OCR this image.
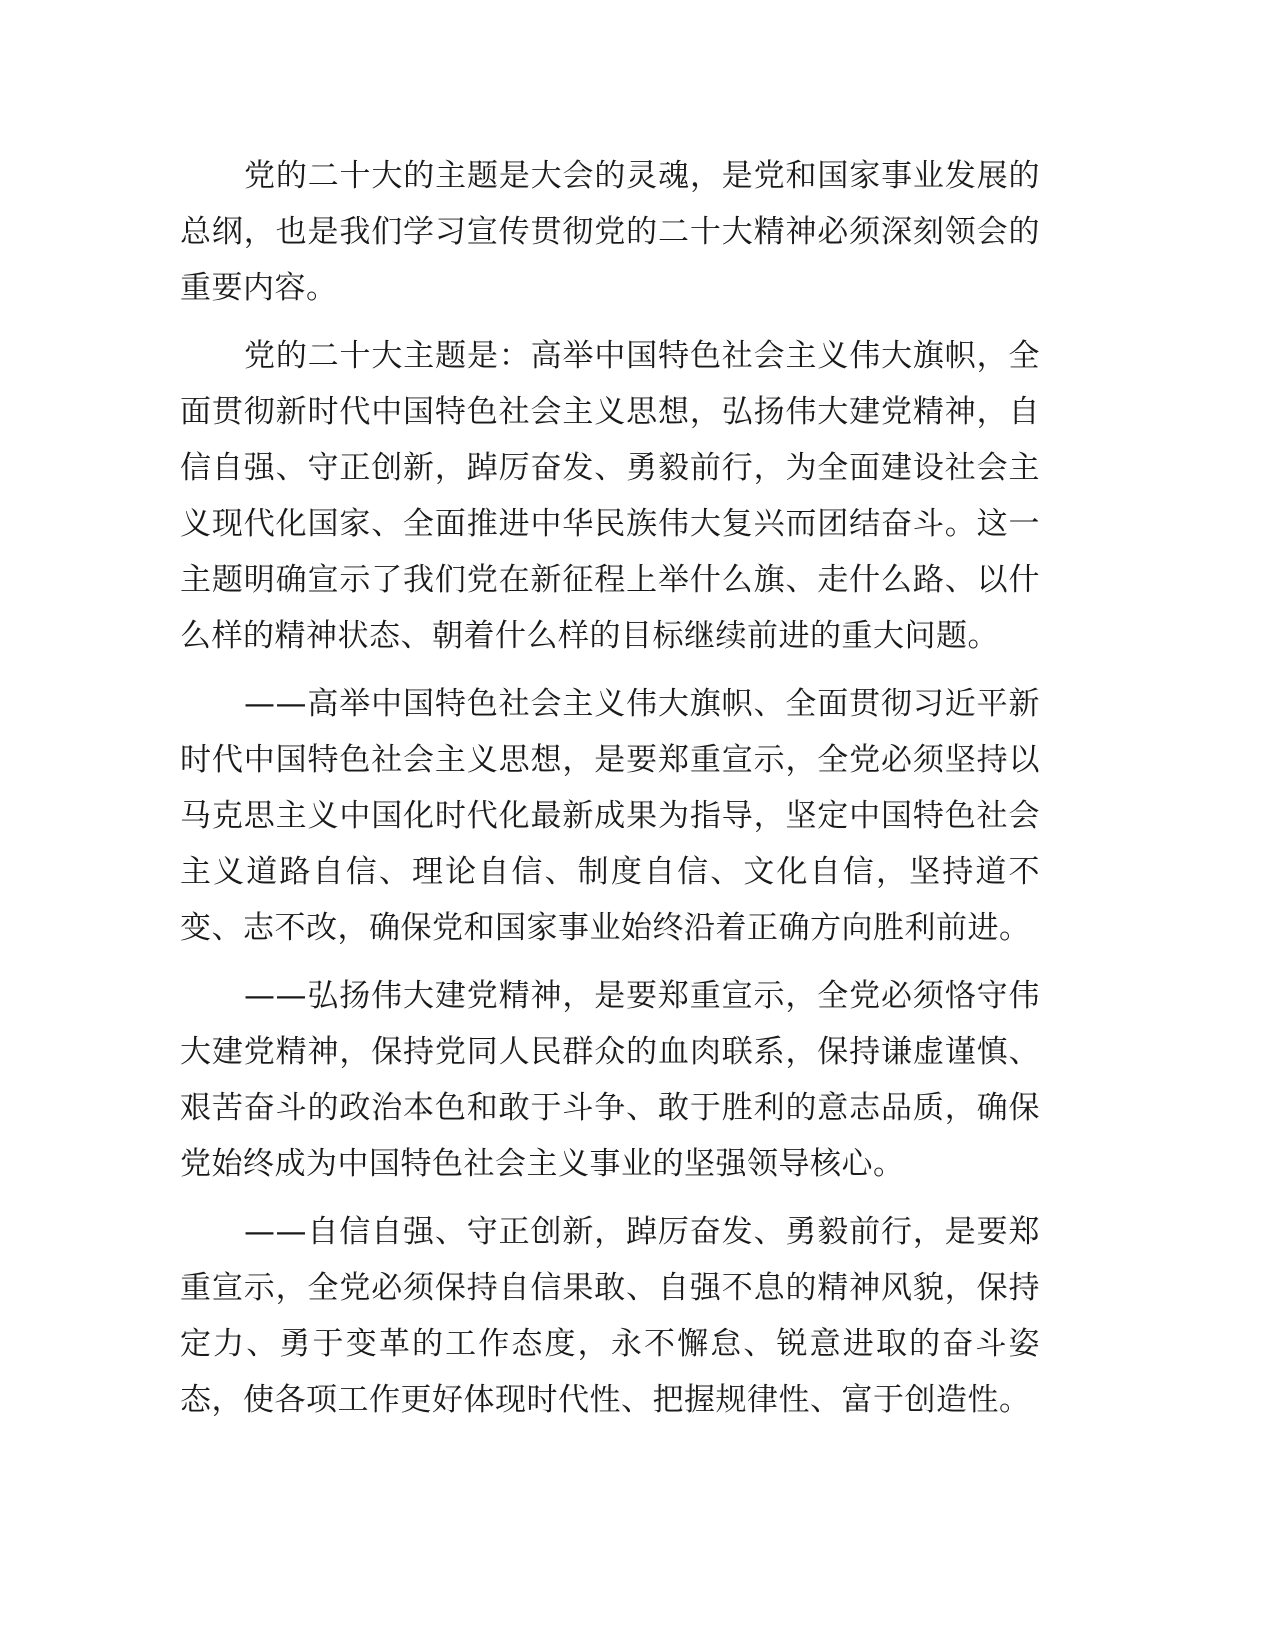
党的二十大的主题是大会的灵魂，是党和国家事业发展的总纲，也是我们学习宣传贯彻党的二十大精神必须深刻领会的重要内容。

党的二十大主题是：高举中国特色社会主义伟大旗帜，全面贯彻新时代中国特色社会主义思想，弘扬伟大建党精神，自信自强、守正创新，踔厉奋发、勇毅前行，为全面建设社会主义现代化国家、全面推进中华民族伟大复兴而团结奋斗。这一主题明确宣示了我们党在新征程上举什么旗、走什么路、以什么样的精神状态、朝着什么样的目标继续前进的重大问题。

——高举中国特色社会主义伟大旗帜、全面贯彻习近平新时代中国特色社会主义思想，是要郑重宣示，全党必须坚持以马克思主义中国化时代化最新成果为指导，坚定中国特色社会主义道路自信、理论自信、制度自信、文化自信，坚持道不变、志不改，确保党和国家事业始终沿着正确方向胜利前进。

——弘扬伟大建党精神，是要郑重宣示，全党必须恪守伟大建党精神，保持党同人民群众的血肉联系，保持谦虚谨慎、艰苦奋斗的政治本色和敢于斗争、敢于胜利的意志品质，确保党始终成为中国特色社会主义事业的坚强领导核心。

——自信自强、守正创新，踔厉奋发、勇毅前行，是要郑重宣示，全党必须保持自信果敢、自强不息的精神风貌，保持定力、勇于变革的工作态度，永不懈怠、锐意进取的奋斗姿态，使各项工作更好体现时代性、把握规律性、富于创造性。
